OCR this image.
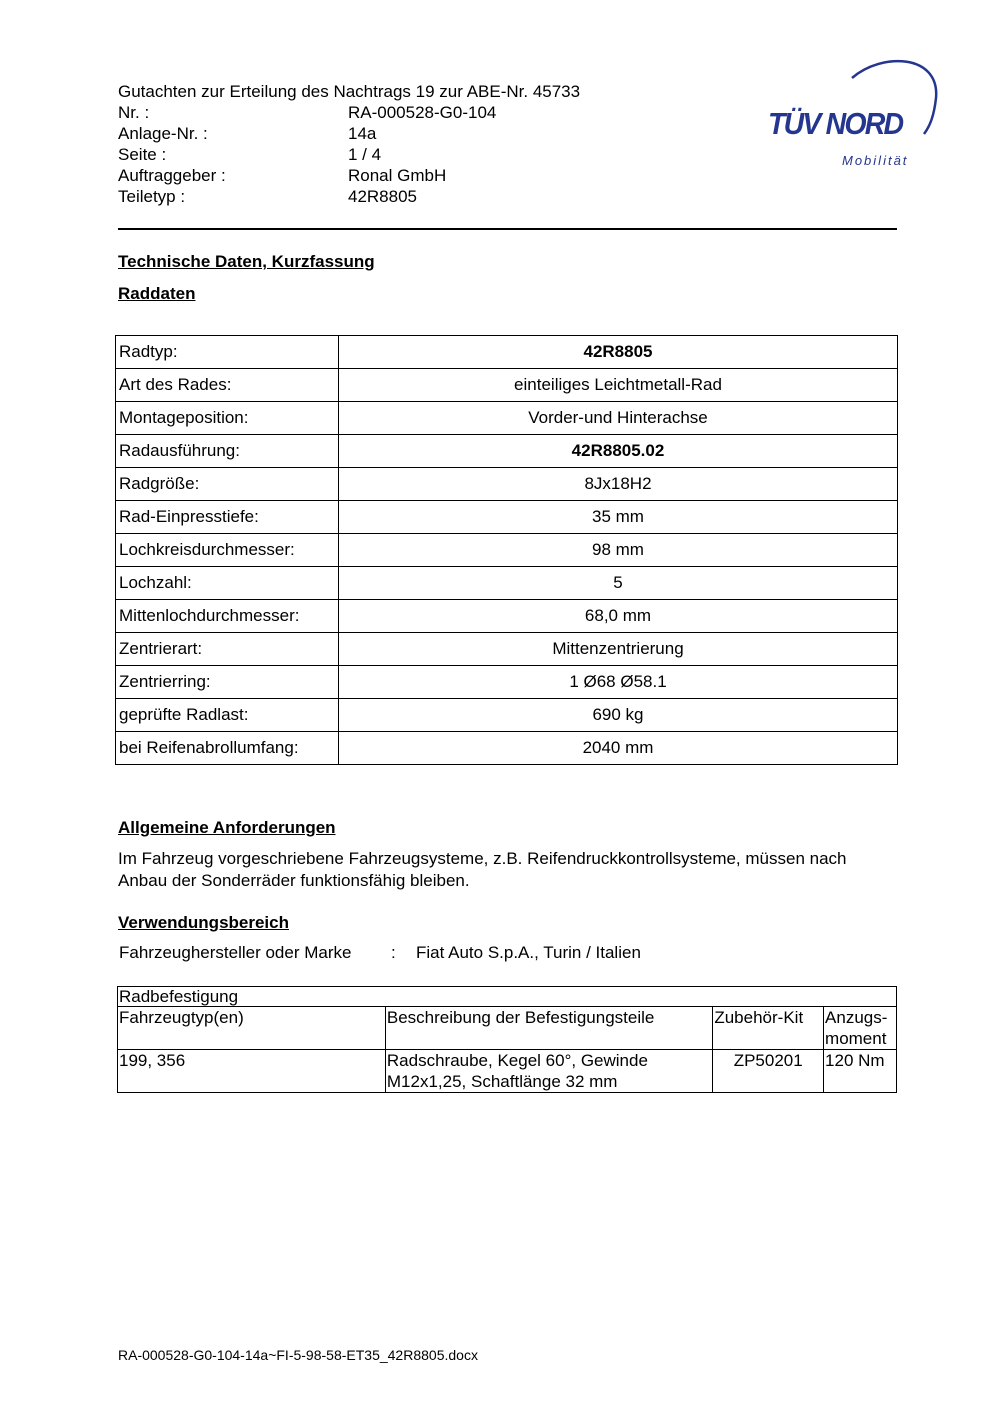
Gutachten zur Erteilung des Nachtrags 19 zur ABE-Nr. 45733
Nr. :	RA-000528-G0-104
Anlage-Nr. :	14a
Seite :	1 / 4
Auftraggeber :	Ronal GmbH
Teiletyp :	42R8805
TÜV NORD
Mobilität
Technische Daten, Kurzfassung
Raddaten
Radtyp:	42R8805
Art des Rades:	einteiliges Leichtmetall-Rad
Montageposition:	Vorder-und Hinterachse
Radausführung:	42R8805.02
Radgröße:	8Jx18H2
Rad-Einpresstiefe:	35 mm
Lochkreisdurchmesser:	98 mm
Lochzahl:	5
Mittenlochdurchmesser:	68,0 mm
Zentrierart:	Mittenzentrierung
Zentrierring:	1 Ø68 Ø58.1
geprüfte Radlast:	690 kg
bei Reifenabrollumfang:	2040 mm
Allgemeine Anforderungen
Im Fahrzeug vorgeschriebene Fahrzeugsysteme, z.B. Reifendruckkontrollsysteme, müssen nach Anbau der Sonderräder funktionsfähig bleiben.
Verwendungsbereich
Fahrzeughersteller oder Marke	:	Fiat Auto S.p.A., Turin / Italien
Radbefestigung			
Fahrzeugtyp(en)	Beschreibung der Befestigungsteile	Zubehör-Kit	Anzugs-moment
199, 356	Radschraube, Kegel 60°, Gewinde M12x1,25, Schaftlänge 32 mm	ZP50201	120 Nm
RA-000528-G0-104-14a~FI-5-98-58-ET35_42R8805.docx
